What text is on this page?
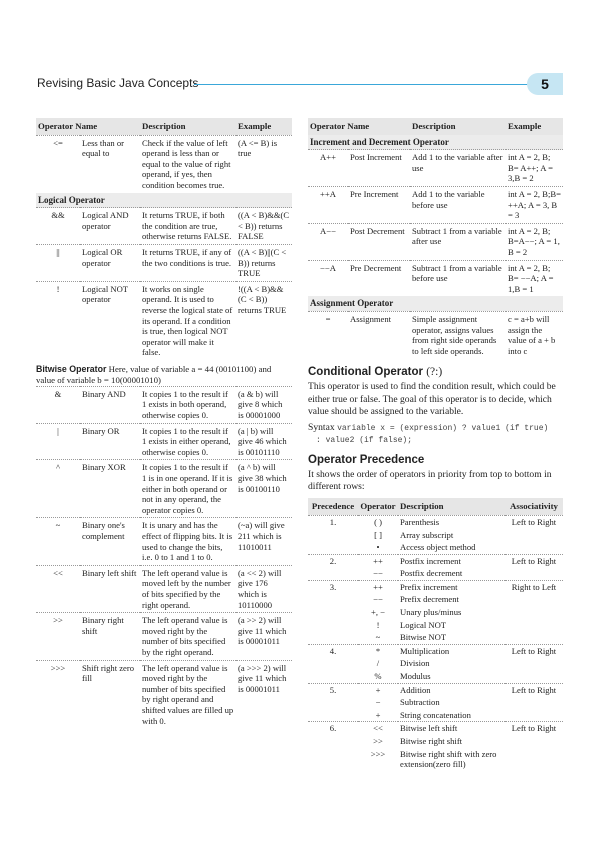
Revising Basic Java Concepts	5
Operator Name		Description	Example
<=	Less than or equal to	Check if the value of left operand is less than or equal to the value of right operand, if yes, then condition becomes true.	(A <= B) is true
Logical Operator			
&&	Logical AND operator	It returns TRUE, if both the condition are true, otherwise returns FALSE.	((A < B)&&(C < B)) returns FALSE
||	Logical OR operator	It returns TRUE, if any of the two conditions is true.	((A < B)||(C < B)) returns TRUE
!	Logical NOT operator	It works on single operand. It is used to reverse the logical state of its operand. If a condition is true, then logical NOT operator will make it false.	!((A < B)&&(C < B)) returns TRUE
Bitwise Operator Here, value of variable a = 44 (00101100) and value of variable b = 10(00001010)
&	Binary AND	It copies 1 to the result if 1 exists in both operand, otherwise copies 0.	(a & b) will give 8 which is 00001000
|	Binary OR	It copies 1 to the result if 1 exists in either operand, otherwise copies 0.	(a | b) will give 46 which is 00101110
^	Binary XOR	It copies 1 to the result if 1 is in one operand. If it is either in both operand or not in any operand, the operator copies 0.	(a ^ b) will give 38 which is 00100110
~	Binary one's complement	It is unary and has the effect of flipping bits. It is used to change the bits, i.e. 0 to 1 and 1 to 0.	(~a) will give 211 which is 11010011
<<	Binary left shift	The left operand value is moved left by the number of bits specified by the right operand.	(a << 2) will give 176 which is 10110000
>>	Binary right shift	The left operand value is moved right by the number of bits specified by the right operand.	(a >> 2) will give 11 which is 00001011
>>>	Shift right zero fill	The left operand value is moved right by the number of bits specified by right operand and shifted values are filled up with 0.	(a >>> 2) will give 11 which is 00001011
Operator Name		Description	Example
Increment and Decrement Operator			
A++	Post Increment	Add 1 to the variable after use	int A = 2, B; B= A++; A = 3,B = 2
++A	Pre Increment	Add 1 to the variable before use	int A = 2, B;B= ++A; A = 3, B = 3
A−−	Post Decrement	Subtract 1 from a variable after use	int A = 2, B; B=A−−; A = 1, B = 2
−−A	Pre Decrement	Subtract 1 from a variable before use	int A = 2, B; B= −−A; A = 1,B = 1
Assignment Operator			
=	Assignment	Simple assignment operator, assigns values from right side operands to left side operands.	c = a+b will assign the value of a + b into c
Conditional Operator (?:)

This operator is used to find the condition result, which could be either true or false. The goal of this operator is to decide, which value should be assigned to the variable.

Syntax variable x = (expression) ? value1 (if true)
: value2 (if false);
Operator Precedence

It shows the order of operators in priority from top to bottom in different rows:

Precedence	Operator	Description	Associativity
1.	( )	Parenthesis	Left to Right
	[ ]	Array subscript	
	•	Access object method	
2.	++	Postfix increment	Left to Right
	−−	Postfix decrement	
3.	++	Prefix increment	Right to Left
	−−	Prefix decrement	
	+, −	Unary plus/minus	
	!	Logical NOT	
	~	Bitwise NOT	
4.	*	Multiplication	Left to Right
	/	Division	
	%	Modulus	
5.	+	Addition	Left to Right
	−	Subtraction	
	+	String concatenation	
6.	<<	Bitwise left shift	Left to Right
	>>	Bitwise right shift	
	>>>	Bitwise right shift with zero extension(zero fill)	
